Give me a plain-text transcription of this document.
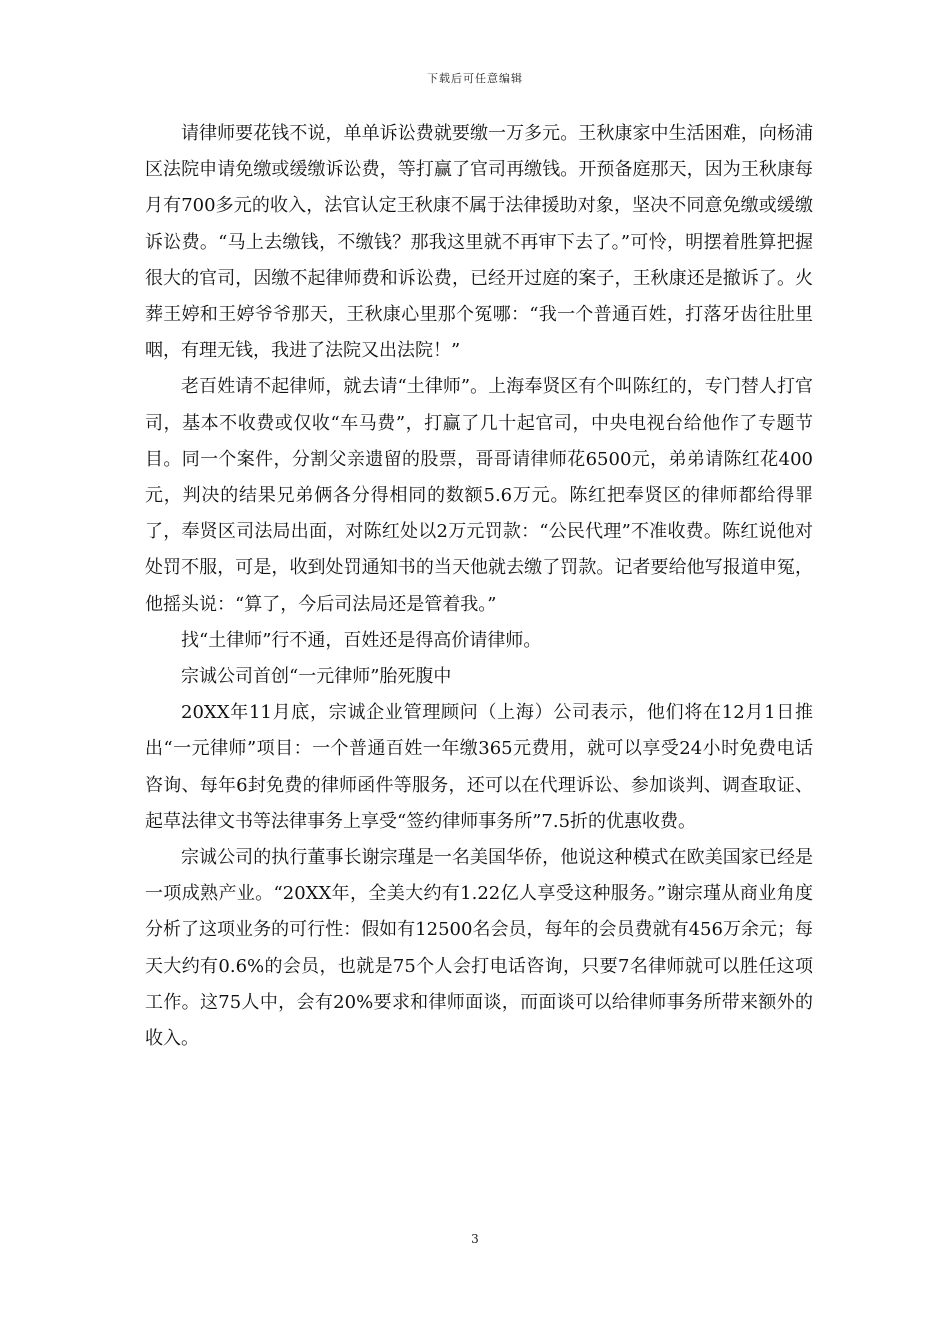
下载后可任意编辑

请律师要花钱不说，单单诉讼费就要缴一万多元。王秋康家中生活困难，向杨浦区法院申请免缴或缓缴诉讼费，等打赢了官司再缴钱。开预备庭那天，因为王秋康每月有700多元的收入，法官认定王秋康不属于法律援助对象，坚决不同意免缴或缓缴诉讼费。“马上去缴钱，不缴钱？那我这里就不再审下去了。”可怜，明摆着胜算把握很大的官司，因缴不起律师费和诉讼费，已经开过庭的案子，王秋康还是撤诉了。火葬王婷和王婷爷爷那天，王秋康心里那个冤哪：“我一个普通百姓，打落牙齿往肚里咽，有理无钱，我进了法院又出法院！”

老百姓请不起律师，就去请“土律师”。上海奉贤区有个叫陈红的，专门替人打官司，基本不收费或仅收“车马费”，打赢了几十起官司，中央电视台给他作了专题节目。同一个案件，分割父亲遗留的股票，哥哥请律师花6500元，弟弟请陈红花400元，判决的结果兄弟俩各分得相同的数额5.6万元。陈红把奉贤区的律师都给得罪了，奉贤区司法局出面，对陈红处以2万元罚款：“公民代理”不准收费。陈红说他对处罚不服，可是，收到处罚通知书的当天他就去缴了罚款。记者要给他写报道申冤，他摇头说：“算了，今后司法局还是管着我。”

找“土律师”行不通，百姓还是得高价请律师。

宗诚公司首创“一元律师”胎死腹中

20XX年11月底，宗诚企业管理顾问（上海）公司表示，他们将在12月1日推出“一元律师”项目：一个普通百姓一年缴365元费用，就可以享受24小时免费电话咨询、每年6封免费的律师函件等服务，还可以在代理诉讼、参加谈判、调查取证、起草法律文书等法律事务上享受“签约律师事务所”7.5折的优惠收费。

宗诚公司的执行董事长谢宗瑾是一名美国华侨，他说这种模式在欧美国家已经是一项成熟产业。“20XX年，全美大约有1.22亿人享受这种服务。”谢宗瑾从商业角度分析了这项业务的可行性：假如有12500名会员，每年的会员费就有456万余元；每天大约有0.6%的会员，也就是75个人会打电话咨询，只要7名律师就可以胜任这项工作。这75人中，会有20%要求和律师面谈，而面谈可以给律师事务所带来额外的收入。

3
